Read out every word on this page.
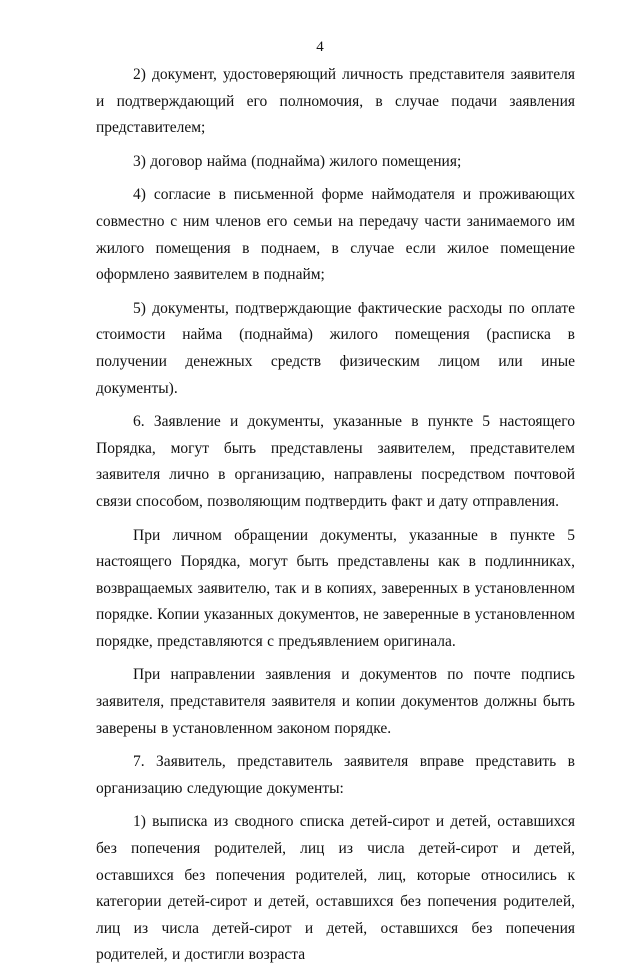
4

2) документ, удостоверяющий личность представителя заявителя и подтверждающий его полномочия, в случае подачи заявления представителем;

3) договор найма (поднайма) жилого помещения;

4) согласие в письменной форме наймодателя и проживающих совместно с ним членов его семьи на передачу части занимаемого им жилого помещения в поднаем, в случае если жилое помещение оформлено заявителем в поднайм;

5) документы, подтверждающие фактические расходы по оплате стоимости найма (поднайма) жилого помещения (расписка в получении денежных средств физическим лицом или иные документы).

6. Заявление и документы, указанные в пункте 5 настоящего Порядка, могут быть представлены заявителем, представителем заявителя лично в организацию, направлены посредством почтовой связи способом, позволяющим подтвердить факт и дату отправления.

При личном обращении документы, указанные в пункте 5 настоящего Порядка, могут быть представлены как в подлинниках, возвращаемых заявителю, так и в копиях, заверенных в установленном порядке. Копии указанных документов, не заверенные в установленном порядке, представляются с предъявлением оригинала.

При направлении заявления и документов по почте подпись заявителя, представителя заявителя и копии документов должны быть заверены в установленном законом порядке.

7. Заявитель, представитель заявителя вправе представить в организацию следующие документы:

1) выписка из сводного списка детей-сирот и детей, оставшихся без попечения родителей, лиц из числа детей-сирот и детей, оставшихся без попечения родителей, лиц, которые относились к категории детей-сирот и детей, оставшихся без попечения родителей, лиц из числа детей-сирот и детей, оставшихся без попечения родителей, и достигли возраста
